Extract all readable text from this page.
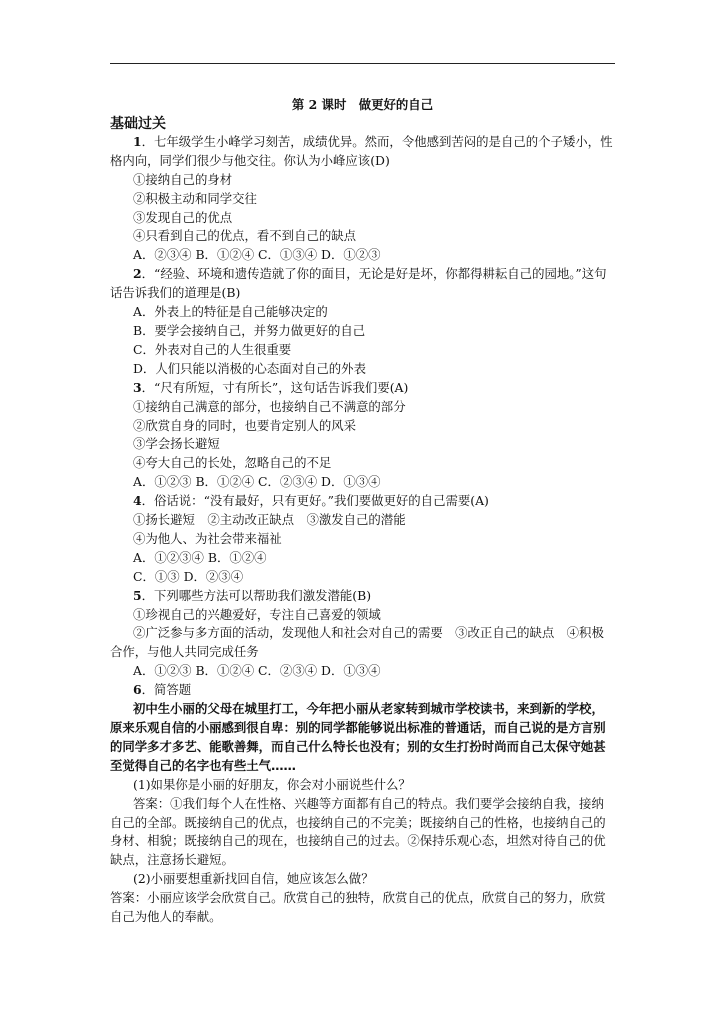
第 2 课时　做更好的自己

基础过关

1．七年级学生小峰学习刻苦，成绩优异。然而，令他感到苦闷的是自己的个子矮小，性格内向，同学们很少与他交往。你认为小峰应该(D)

①接纳自己的身材

②积极主动和同学交往

③发现自己的优点

④只看到自己的优点，看不到自己的缺点

A．②③④ B．①②④ C．①③④ D．①②③

2．“经验、环境和遗传造就了你的面目，无论是好是坏，你都得耕耘自己的园地。”这句话告诉我们的道理是(B)

A．外表上的特征是自己能够决定的

B．要学会接纳自己，并努力做更好的自己

C．外表对自己的人生很重要

D．人们只能以消极的心态面对自己的外表

3．“尺有所短，寸有所长”，这句话告诉我们要(A)

①接纳自己满意的部分，也接纳自己不满意的部分

②欣赏自身的同时，也要肯定别人的风采

③学会扬长避短

④夸大自己的长处，忽略自己的不足

A．①②③ B．①②④ C．②③④ D．①③④

4．俗话说：“没有最好，只有更好。”我们要做更好的自己需要(A)

①扬长避短　②主动改正缺点　③激发自己的潜能

④为他人、为社会带来福祉

A．①②③④ B．①②④

C．①③ D．②③④

5．下列哪些方法可以帮助我们激发潜能(B)

①珍视自己的兴趣爱好，专注自己喜爱的领域

②广泛参与多方面的活动，发现他人和社会对自己的需要　③改正自己的缺点　④积极合作，与他人共同完成任务

A．①②③ B．①②④ C．②③④ D．①③④

6．简答题

初中生小丽的父母在城里打工，今年把小丽从老家转到城市学校读书，来到新的学校，原来乐观自信的小丽感到很自卑：别的同学都能够说出标准的普通话，而自己说的是方言别的同学多才多艺、能歌善舞，而自己什么特长也没有；别的女生打扮时尚而自己太保守她甚至觉得自己的名字也有些土气……

(1)如果你是小丽的好朋友，你会对小丽说些什么？

答案：①我们每个人在性格、兴趣等方面都有自己的特点。我们要学会接纳自我，接纳自己的全部。既接纳自己的优点，也接纳自己的不完美；既接纳自己的性格，也接纳自己的身材、相貌；既接纳自己的现在，也接纳自己的过去。②保持乐观心态，坦然对待自己的优缺点，注意扬长避短。

(2)小丽要想重新找回自信，她应该怎么做？

答案：小丽应该学会欣赏自己。欣赏自己的独特，欣赏自己的优点，欣赏自己的努力，欣赏自己为他人的奉献。
